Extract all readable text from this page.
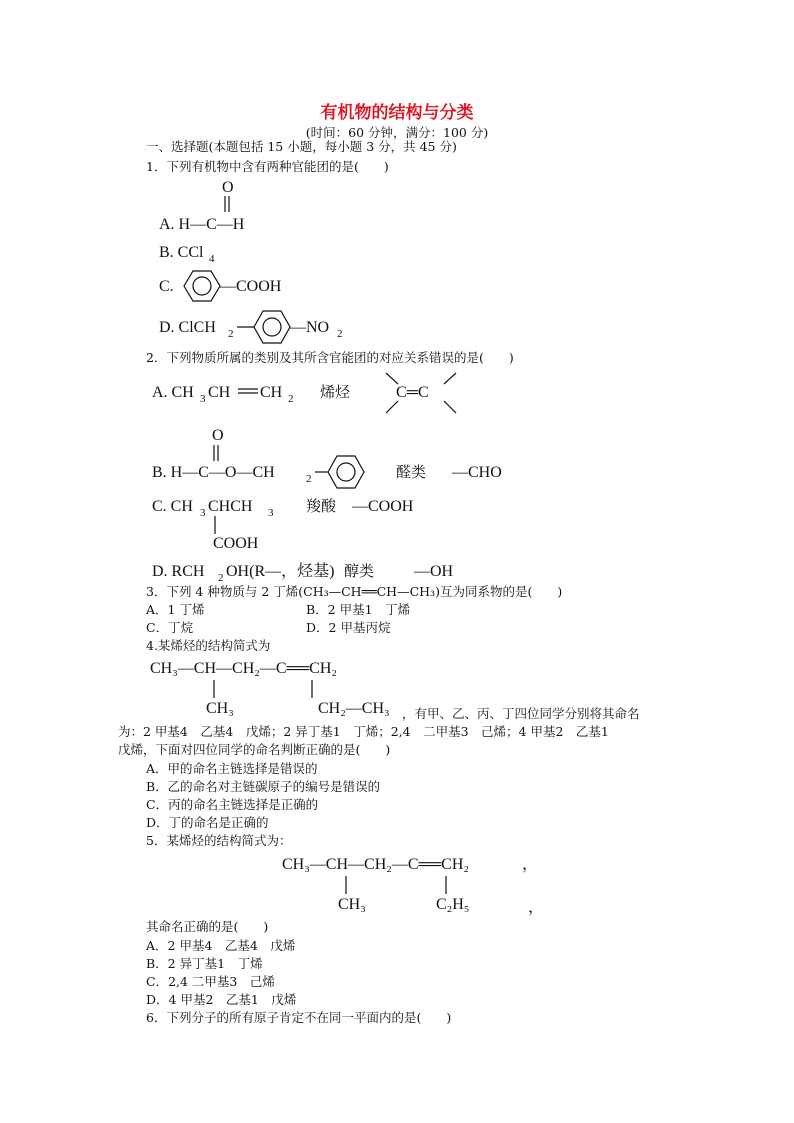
有机物的结构与分类
(时间：60 分钟，满分：100 分)
一、选择题(本题包括 15 小题，每小题 3 分，共 45 分)
1．下列有机物中含有两种官能团的是(　　)
O
A. H—C—H
B. CCl 4
C.	—COOH
D. ClCH 2	—NO 2
2．下列物质所属的类别及其所含官能团的对应关系错误的是(　　)
A. CH 3 CH CH 2 烯烃	C═C
O
B. H—C—O—CH	2	醛类 —CHO
C. CH 3 CHCH 3
COOH
羧酸 —COOH
D. RCH 2 OH(R—，烃基) 醇类 —OH
3．下列 4 种物质与 2 丁烯(CH₃—CH══CH—CH₃)互为同系物的是(　　)
A．1 丁烯	B．2 甲基1　丁烯
C．丁烷	D．2 甲基丙烷
4.某烯烃的结构简式为
CH₃—CH—CH₂—C══CH₂
CH₃	CH₂—CH₃ ，有甲、乙、丙、丁四位同学分别将其命名
为：2 甲基4　乙基4　戊烯；2 异丁基1　丁烯；2,4　二甲基3　己烯；4 甲基2　乙基1
戊烯，下面对四位同学的命名判断正确的是(　　)
A．甲的命名主链选择是错误的
B．乙的命名对主链碳原子的编号是错误的
C．丙的命名主链选择是正确的
D．丁的命名是正确的
5．某烯烃的结构简式为：
CH₃—CH—CH₂—C══CH₂	，
CH₃	C₂H₅	，
其命名正确的是(　　)
A．2 甲基4　乙基4　戊烯
B．2 异丁基1　丁烯
C．2,4 二甲基3　己烯
D．4 甲基2　乙基1　戊烯
6．下列分子的所有原子肯定不在同一平面内的是(　　)
